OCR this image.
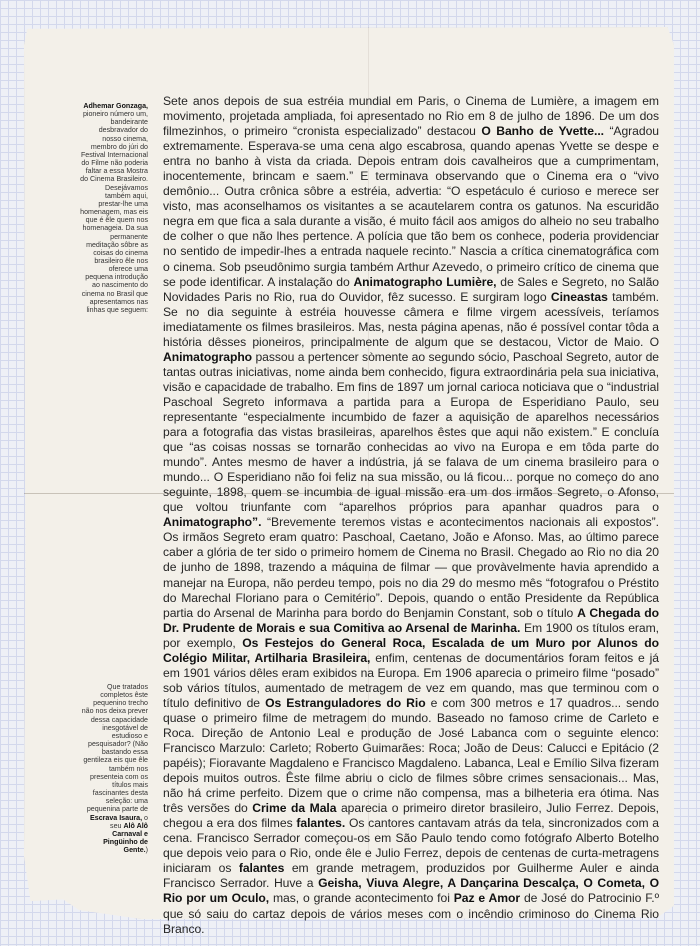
Adhemar Gonzaga, pioneiro número um, bandeirante desbravador do nosso cinema, membro do júri do Festival Internacional do Filme não poderia faltar a essa Mostra do Cinema Brasileiro. Desejávamos também aqui, prestar-lhe uma homenagem, mas eis que é êle quem nos homenageia. Da sua permanente meditação sôbre as coisas do cinema brasileiro êle nos oferece uma pequena introdução ao nascimento do cinema no Brasil que apresentamos nas linhas que seguem:
Que tratados completos êste pequenino trecho não nos deixa prever dessa capacidade inesgotável de estudioso e pesquisador? (Não bastando essa gentileza eis que êle também nos presenteia com os títulos mais fascinantes desta seleção: uma pequenina parte de Escrava Isaura, o seu Alô Alô Carnaval e Pingüinho de Gente.)

Sete anos depois de sua estréia mundial em Paris, o Cinema de Lumière, a imagem em movimento, projetada ampliada, foi apresentado no Rio em 8 de julho de 1896. De um dos filmezinhos, o primeiro “cronista especializado” destacou O Banho de Yvette... “Agradou extremamente. Esperava-se uma cena algo escabrosa, quando apenas Yvette se despe e entra no banho à vista da criada. Depois entram dois cavalheiros que a cumprimentam, inocentemente, brincam e saem.” E terminava observando que o Cinema era o “vivo demônio... Outra crônica sôbre a estréia, advertia: “O espetáculo é curioso e merece ser visto, mas aconselhamos os visitantes a se acautelarem contra os gatunos. Na escuridão negra em que fica a sala durante a visão, é muito fácil aos amigos do alheio no seu trabalho de colher o que não lhes pertence. A polícia que tão bem os conhece, poderia providenciar no sentido de impedir-lhes a entrada naquele recinto.” Nascia a crítica cinematográfica com o cinema. Sob pseudônimo surgia também Arthur Azevedo, o primeiro crítico de cinema que se pode identificar. A instalação do Animatographo Lumière, de Sales e Segreto, no Salão Novidades Paris no Rio, rua do Ouvidor, fêz sucesso. E surgiram logo Cineastas também. Se no dia seguinte à estréia houvesse câmera e filme virgem acessíveis, teríamos imediatamente os filmes brasileiros. Mas, nesta página apenas, não é possível contar tôda a história dêsses pioneiros, principalmente de algum que se destacou, Victor de Maio. O Animatographo passou a pertencer sòmente ao segundo sócio, Paschoal Segreto, autor de tantas outras iniciativas, nome ainda bem conhecido, figura extraordinária pela sua iniciativa, visão e capacidade de trabalho. Em fins de 1897 um jornal carioca noticiava que o “industrial Paschoal Segreto informava a partida para a Europa de Esperidiano Paulo, seu representante “especialmente incumbido de fazer a aquisição de aparelhos necessários para a fotografia das vistas brasileiras, aparelhos êstes que aqui não existem.” E concluía que “as coisas nossas se tornarão conhecidas ao vivo na Europa e em tôda parte do mundo”. Antes mesmo de haver a indústria, já se falava de um cinema brasileiro para o mundo... O Esperidiano não foi feliz na sua missão, ou lá ficou... porque no começo do ano seguinte, 1898, quem se incumbia de igual missão era um dos irmãos Segreto, o Afonso, que voltou triunfante com “aparelhos próprios para apanhar quadros para o Animatographo”. “Brevemente teremos vistas e acontecimentos nacionais ali expostos”. Os irmãos Segreto eram quatro: Paschoal, Caetano, João e Afonso. Mas, ao último parece caber a glória de ter sido o primeiro homem de Cinema no Brasil. Chegado ao Rio no dia 20 de junho de 1898, trazendo a máquina de filmar — que provàvelmente havia aprendido a manejar na Europa, não perdeu tempo, pois no dia 29 do mesmo mês “fotografou o Préstito do Marechal Floriano para o Cemitério”. Depois, quando o então Presidente da República partia do Arsenal de Marinha para bordo do Benjamin Constant, sob o título A Chegada do Dr. Prudente de Morais e sua Comitiva ao Arsenal de Marinha. Em 1900 os títulos eram, por exemplo, Os Festejos do General Roca, Escalada de um Muro por Alunos do Colégio Militar, Artilharia Brasileira, enfim, centenas de documentários foram feitos e já em 1901 vários dêles eram exibidos na Europa. Em 1906 aparecia o primeiro filme “posado” sob vários títulos, aumentado de metragem de vez em quando, mas que terminou com o título definitivo de Os Estranguladores do Rio e com 300 metros e 17 quadros... sendo quase o primeiro filme de metragem do mundo. Baseado no famoso crime de Carleto e Roca. Direção de Antonio Leal e produção de José Labanca com o seguinte elenco: Francisco Marzulo: Carleto; Roberto Guimarães: Roca; João de Deus: Calucci e Epitácio (2 papéis); Fioravante Magdaleno e Francisco Magdaleno. Labanca, Leal e Emílio Silva fizeram depois muitos outros. Êste filme abriu o ciclo de filmes sôbre crimes sensacionais... Mas, não há crime perfeito. Dizem que o crime não compensa, mas a bilheteria era ótima. Nas três versões do Crime da Mala aparecia o primeiro diretor brasileiro, Julio Ferrez. Depois, chegou a era dos filmes falantes. Os cantores cantavam atrás da tela, sincronizados com a cena. Francisco Serrador começou-os em São Paulo tendo como fotógrafo Alberto Botelho que depois veio para o Rio, onde êle e Julio Ferrez, depois de centenas de curta-metragens iniciaram os falantes em grande metragem, produzidos por Guilherme Auler e ainda Francisco Serrador. Huve a Geisha, Viuva Alegre, A Dançarina Descalça, O Cometa, O Rio por um Oculo, mas, o grande acontecimento foi Paz e Amor de José do Patrocinio F.º que só saiu do cartaz depois de vários meses com o incêndio criminoso do Cinema Rio Branco.
